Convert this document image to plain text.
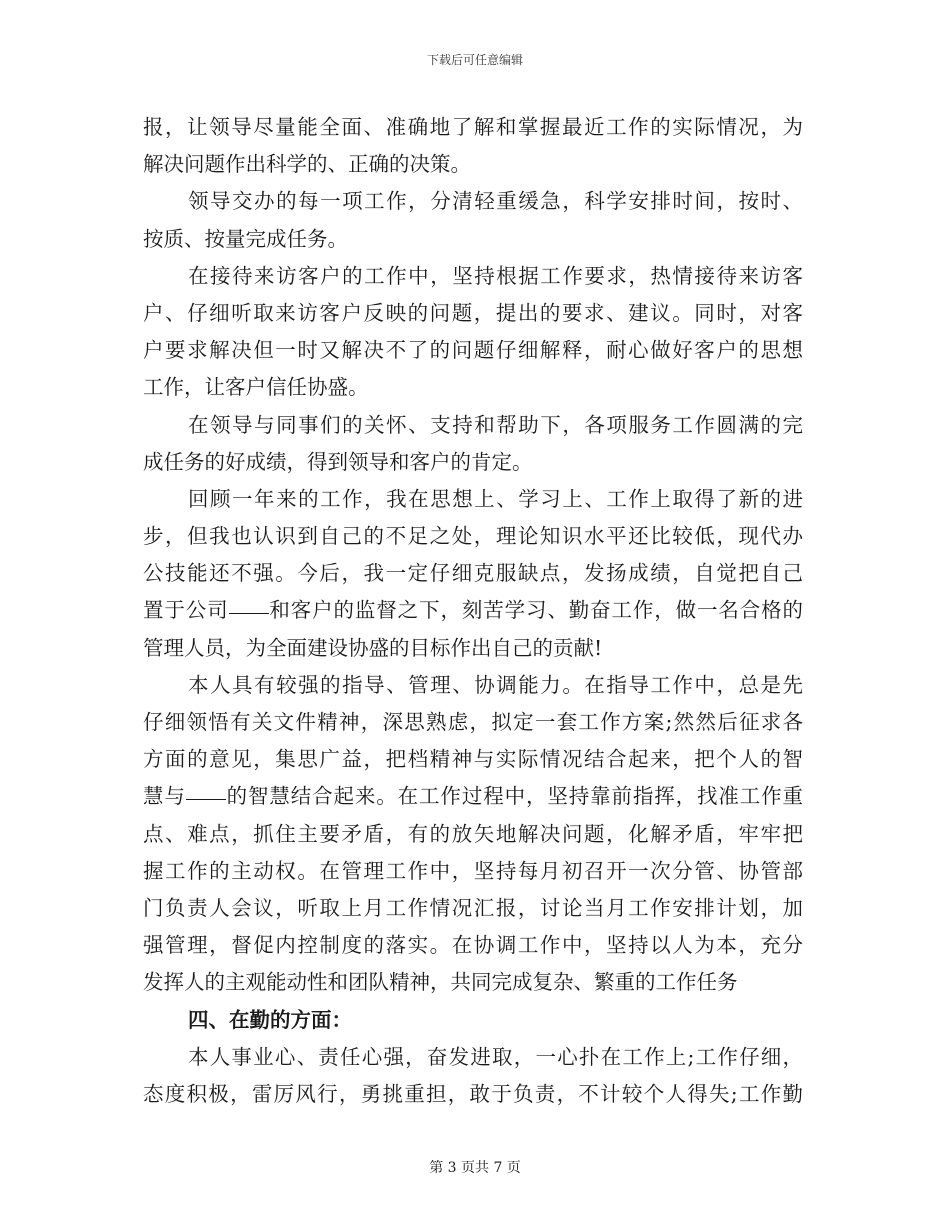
下载后可任意编辑
报，让领导尽量能全面、准确地了解和掌握最近工作的实际情况，为
解决问题作出科学的、正确的决策。
领导交办的每一项工作，分清轻重缓急，科学安排时间，按时、
按质、按量完成任务。
在接待来访客户的工作中，坚持根据工作要求，热情接待来访客
户、仔细听取来访客户反映的问题，提出的要求、建议。同时，对客
户要求解决但一时又解决不了的问题仔细解释，耐心做好客户的思想
工作，让客户信任协盛。
在领导与同事们的关怀、支持和帮助下，各项服务工作圆满的完
成任务的好成绩，得到领导和客户的肯定。
回顾一年来的工作，我在思想上、学习上、工作上取得了新的进
步，但我也认识到自己的不足之处，理论知识水平还比较低，现代办
公技能还不强。今后，我一定仔细克服缺点，发扬成绩，自觉把自己
置于公司 和客户的监督之下，刻苦学习、勤奋工作，做一名合格的
管理人员，为全面建设协盛的目标作出自己的贡献!
本人具有较强的指导、管理、协调能力。在指导工作中，总是先
仔细领悟有关文件精神，深思熟虑，拟定一套工作方案;然然后征求各
方面的意见，集思广益，把档精神与实际情况结合起来，把个人的智
慧与 的智慧结合起来。在工作过程中，坚持靠前指挥，找准工作重
点、难点，抓住主要矛盾，有的放矢地解决问题，化解矛盾，牢牢把
握工作的主动权。在管理工作中，坚持每月初召开一次分管、协管部
门负责人会议，听取上月工作情况汇报，讨论当月工作安排计划，加
强管理，督促内控制度的落实。在协调工作中，坚持以人为本，充分
发挥人的主观能动性和团队精神，共同完成复杂、繁重的工作任务
四、在勤的方面：
本人事业心、责任心强，奋发进取，一心扑在工作上;工作仔细，
态度积极，雷厉风行，勇挑重担，敢于负责，不计较个人得失;工作勤
第 3 页共 7 页
